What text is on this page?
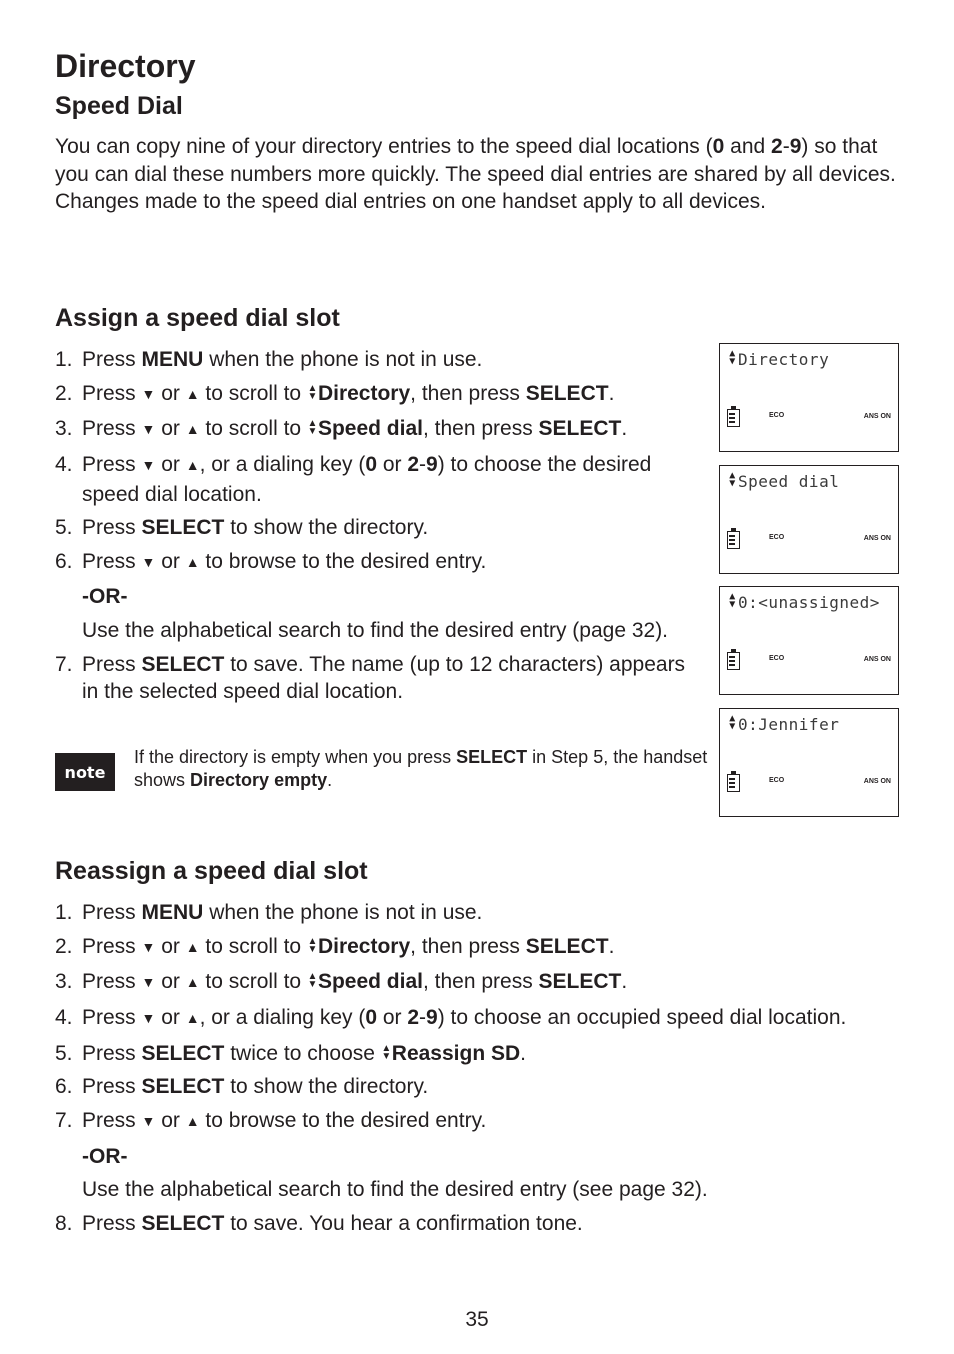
Directory
Speed Dial

You can copy nine of your directory entries to the speed dial locations (0 and 2-9) so that you can dial these numbers more quickly. The speed dial entries are shared by all devices. Changes made to the speed dial entries on one handset apply to all devices.

Assign a speed dial slot
1. Press MENU when the phone is not in use.
2. Press ▼ or ▲ to scroll to ▲
▼ Directory, then press SELECT.
3. Press ▼ or ▲ to scroll to ▲
▼ Speed dial, then press SELECT.
4. Press ▼ or ▲, or a dialing key (0 or 2-9) to choose the desired speed dial location.
5. Press SELECT to show the directory.
6. Press ▼ or ▲ to browse to the desired entry.
-OR-
Use the alphabetical search to find the desired entry (page 32).
7. Press SELECT to save. The name (up to 12 characters) appears in the selected speed dial location.
note
If the directory is empty when you press SELECT in Step 5, the handset shows Directory empty.
▲
▼ Directory
ECO	ANS ON
▲
▼ Speed dial
ECO	ANS ON
▲
▼ 0:<unassigned>
ECO	ANS ON
▲
▼ 0:Jennifer
ECO	ANS ON
Reassign a speed dial slot
1. Press MENU when the phone is not in use.
2. Press ▼ or ▲ to scroll to ▲
▼ Directory, then press SELECT.
3. Press ▼ or ▲ to scroll to ▲
▼ Speed dial, then press SELECT.
4. Press ▼ or ▲, or a dialing key (0 or 2-9) to choose an occupied speed dial location.
5. Press SELECT twice to choose ▲
▼ Reassign SD.
6. Press SELECT to show the directory.
7. Press ▼ or ▲ to browse to the desired entry.
-OR-
Use the alphabetical search to find the desired entry (see page 32).
8. Press SELECT to save. You hear a confirmation tone.
35
